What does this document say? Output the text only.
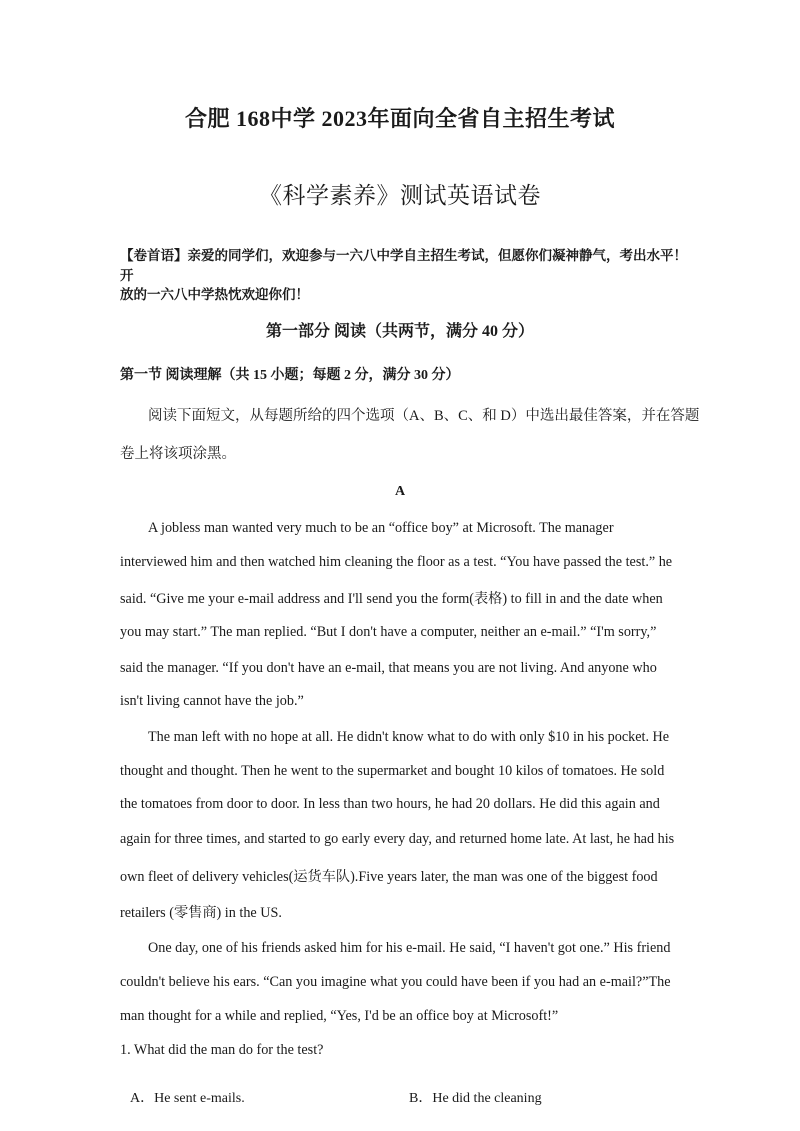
合肥 168中学 2023年面向全省自主招生考试
《科学素养》测试英语试卷
【卷首语】亲爱的同学们，欢迎参与一六八中学自主招生考试，但愿你们凝神静气，考出水平！ 开
放的一六八中学热忱欢迎你们！
第一部分 阅读（共两节，满分 40 分）
第一节 阅读理解（共 15 小题；每题 2 分，满分 30 分）
阅读下面短文，从每题所给的四个选项（A、B、C、和 D）中选出最佳答案，并在答题
卷上将该项涂黑。
A
A jobless man wanted very much to be an “office boy” at Microsoft. The manager
interviewed him and then watched him cleaning the floor as a test. “You have passed the test.” he
said. “Give me your e-mail address and I'll send you the form(表格) to fill in and the date when
you may start.” The man replied. “But I don't have a computer, neither an e-mail.” “I'm sorry,”
said the manager. “If you don't have an e-mail, that means you are not living. And anyone who
isn't living cannot have the job.”
The man left with no hope at all. He didn't know what to do with only $10 in his pocket. He
thought and thought. Then he went to the supermarket and bought 10 kilos of tomatoes. He sold
the tomatoes from door to door. In less than two hours, he had 20 dollars. He did this again and
again for three times, and started to go early every day, and returned home late. At last, he had his
own fleet of delivery vehicles(运货车队).Five years later, the man was one of the biggest food
retailers (零售商) in the US.
One day, one of his friends asked him for his e-mail. He said, “I haven't got one.” His friend
couldn't believe his ears. “Can you imagine what you could have been if you had an e-mail?”The
man thought for a while and replied, “Yes, I'd be an office boy at Microsoft!”
1. What did the man do for the test?
A．He sent e-mails.	B．He did the cleaning
